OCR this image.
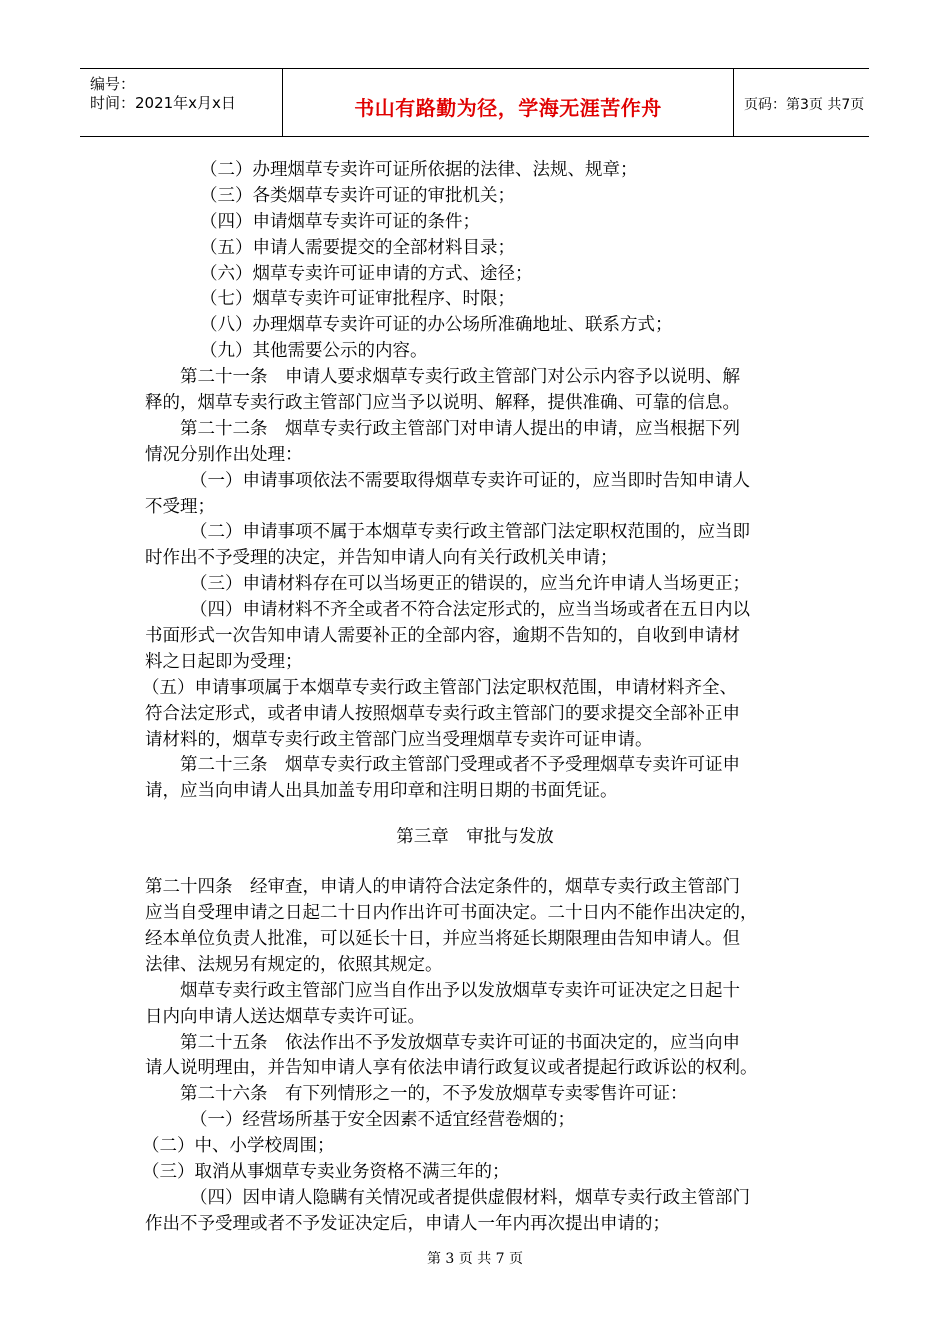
编号：
时间：2021年x月x日	书山有路勤为径，学海无涯苦作舟	页码：第3页 共7页
（二）办理烟草专卖许可证所依据的法律、法规、规章；
（三）各类烟草专卖许可证的审批机关；
（四）申请烟草专卖许可证的条件；
（五）申请人需要提交的全部材料目录；
（六）烟草专卖许可证申请的方式、途径；
（七）烟草专卖许可证审批程序、时限；
（八）办理烟草专卖许可证的办公场所准确地址、联系方式；
（九）其他需要公示的内容。
第二十一条　申请人要求烟草专卖行政主管部门对公示内容予以说明、解
释的，烟草专卖行政主管部门应当予以说明、解释，提供准确、可靠的信息。
第二十二条　烟草专卖行政主管部门对申请人提出的申请，应当根据下列
情况分别作出处理：
（一）申请事项依法不需要取得烟草专卖许可证的，应当即时告知申请人
不受理；
（二）申请事项不属于本烟草专卖行政主管部门法定职权范围的，应当即
时作出不予受理的决定，并告知申请人向有关行政机关申请；
（三）申请材料存在可以当场更正的错误的，应当允许申请人当场更正；
（四）申请材料不齐全或者不符合法定形式的，应当当场或者在五日内以
书面形式一次告知申请人需要补正的全部内容，逾期不告知的，自收到申请材
料之日起即为受理；
（五）申请事项属于本烟草专卖行政主管部门法定职权范围，申请材料齐全、
符合法定形式，或者申请人按照烟草专卖行政主管部门的要求提交全部补正申
请材料的，烟草专卖行政主管部门应当受理烟草专卖许可证申请。
第二十三条　烟草专卖行政主管部门受理或者不予受理烟草专卖许可证申
请，应当向申请人出具加盖专用印章和注明日期的书面凭证。
第三章　审批与发放
第二十四条　经审查，申请人的申请符合法定条件的，烟草专卖行政主管部门
应当自受理申请之日起二十日内作出许可书面决定。二十日内不能作出决定的，
经本单位负责人批准，可以延长十日，并应当将延长期限理由告知申请人。但
法律、法规另有规定的，依照其规定。
烟草专卖行政主管部门应当自作出予以发放烟草专卖许可证决定之日起十
日内向申请人送达烟草专卖许可证。
第二十五条　依法作出不予发放烟草专卖许可证的书面决定的，应当向申
请人说明理由，并告知申请人享有依法申请行政复议或者提起行政诉讼的权利。
第二十六条　有下列情形之一的，不予发放烟草专卖零售许可证：
（一）经营场所基于安全因素不适宜经营卷烟的；
（二）中、小学校周围；
（三）取消从事烟草专卖业务资格不满三年的；
（四）因申请人隐瞒有关情况或者提供虚假材料，烟草专卖行政主管部门
作出不予受理或者不予发证决定后，申请人一年内再次提出申请的；
第 3 页 共 7 页
